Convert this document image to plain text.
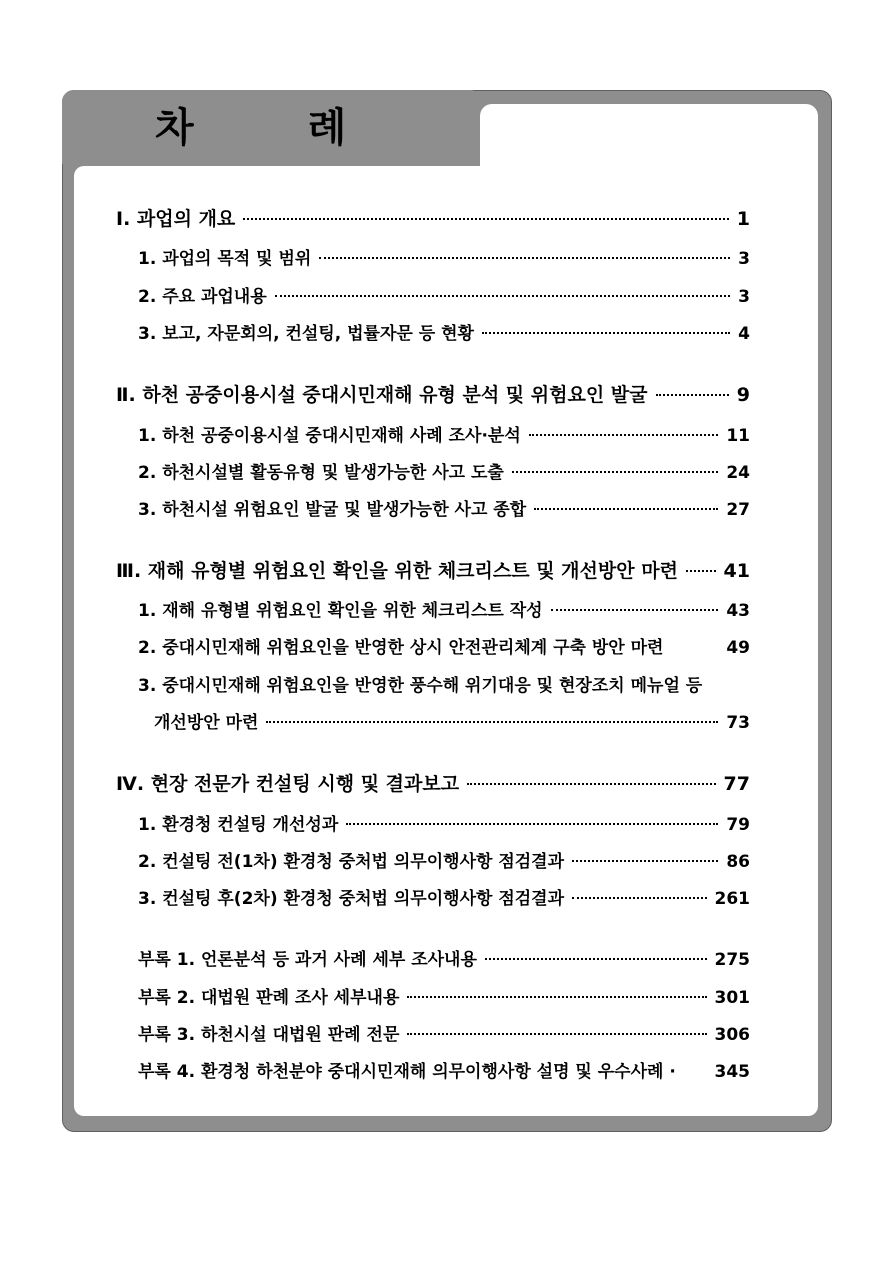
차 례
Ⅰ. 과업의 개요	1
1. 과업의 목적 및 범위	3
2. 주요 과업내용	3
3. 보고, 자문회의, 컨설팅, 법률자문 등 현황	4
Ⅱ. 하천 공중이용시설 중대시민재해 유형 분석 및 위험요인 발굴	9
1. 하천 공중이용시설 중대시민재해 사례 조사·분석	11
2. 하천시설별 활동유형 및 발생가능한 사고 도출	24
3. 하천시설 위험요인 발굴 및 발생가능한 사고 종합	27
Ⅲ. 재해 유형별 위험요인 확인을 위한 체크리스트 및 개선방안 마련 41
1. 재해 유형별 위험요인 확인을 위한 체크리스트 작성	43
2. 중대시민재해 위험요인을 반영한 상시 안전관리체계 구축 방안 마련	49
3. 중대시민재해 위험요인을 반영한 풍수해 위기대응 및 현장조치 메뉴얼 등
개선방안 마련	73
Ⅳ. 현장 전문가 컨설팅 시행 및 결과보고	77
1. 환경청 컨설팅 개선성과	79
2. 컨설팅 전(1차) 환경청 중처법 의무이행사항 점검결과	86
3. 컨설팅 후(2차) 환경청 중처법 의무이행사항 점검결과	261
부록 1. 언론분석 등 과거 사례 세부 조사내용	275
부록 2. 대법원 판례 조사 세부내용	301
부록 3. 하천시설 대법원 판례 전문	306
부록 4. 환경청 하천분야 중대시민재해 의무이행사항 설명 및 우수사례 · 345
